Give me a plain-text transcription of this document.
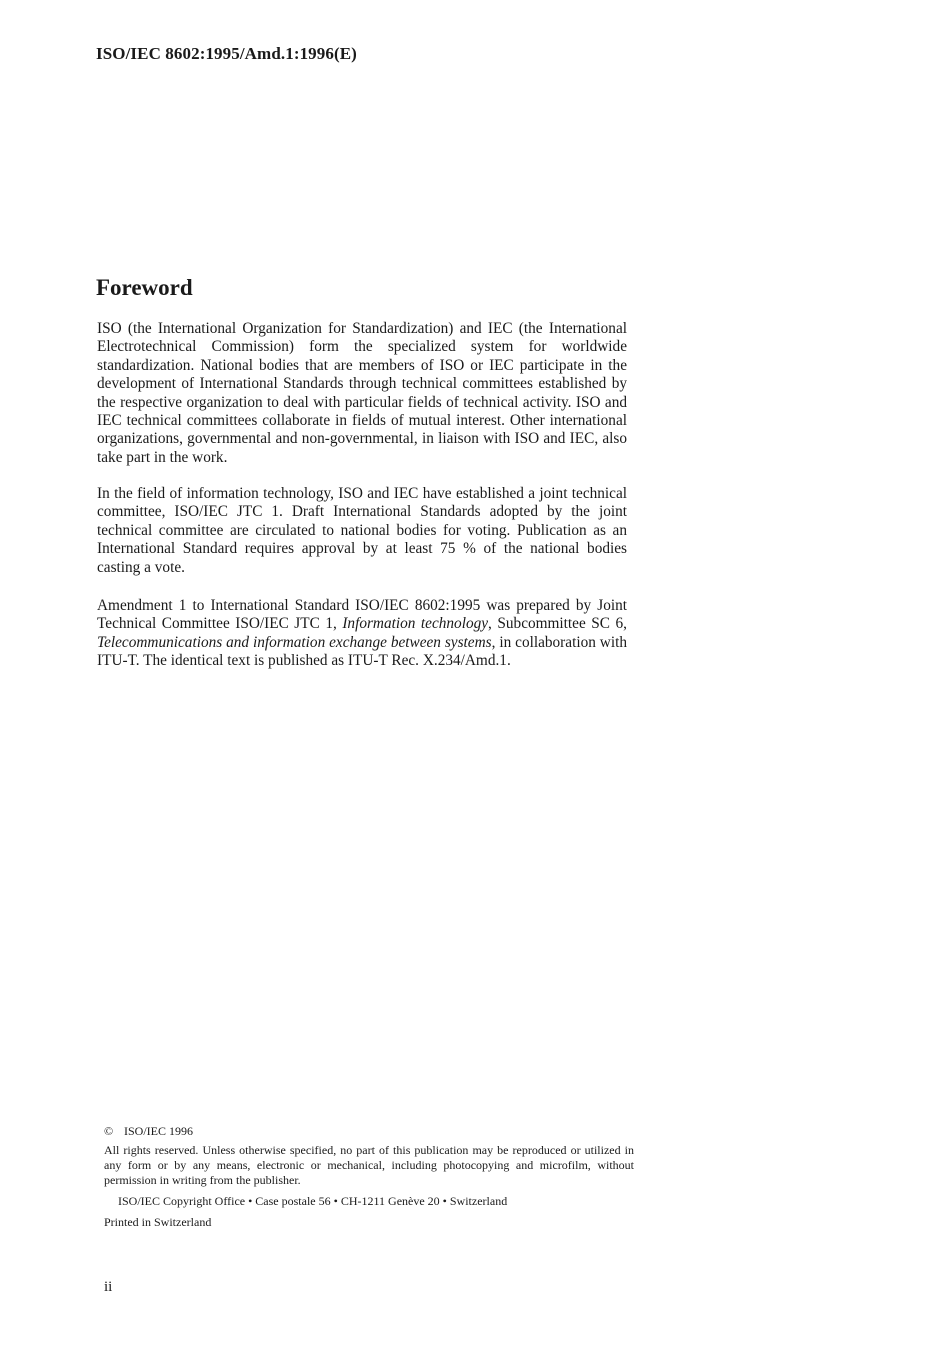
ISO/IEC 8602:1995/Amd.1:1996(E)
Foreword

ISO (the International Organization for Standardization) and IEC (the International Electrotechnical Commission) form the specialized system for worldwide standardization. National bodies that are members of ISO or IEC participate in the development of International Standards through technical committees established by the respective organization to deal with particular fields of technical activity. ISO and IEC technical committees collaborate in fields of mutual interest. Other international organizations, governmental and non-governmental, in liaison with ISO and IEC, also take part in the work.

In the field of information technology, ISO and IEC have established a joint technical committee, ISO/IEC JTC 1. Draft International Standards adopted by the joint technical committee are circulated to national bodies for voting. Publication as an International Standard requires approval by at least 75 % of the national bodies casting a vote.

Amendment 1 to International Standard ISO/IEC 8602:1995 was prepared by Joint Technical Committee ISO/IEC JTC 1, Information technology, Subcommittee SC 6, Telecommunications and information exchange between systems, in collaboration with ITU-T. The identical text is published as ITU-T Rec. X.234/Amd.1.

© ISO/IEC 1996

All rights reserved. Unless otherwise specified, no part of this publication may be reproduced or utilized in any form or by any means, electronic or mechanical, including photocopying and microfilm, without permission in writing from the publisher.

ISO/IEC Copyright Office • Case postale 56 • CH-1211 Genève 20 • Switzerland

Printed in Switzerland

ii
